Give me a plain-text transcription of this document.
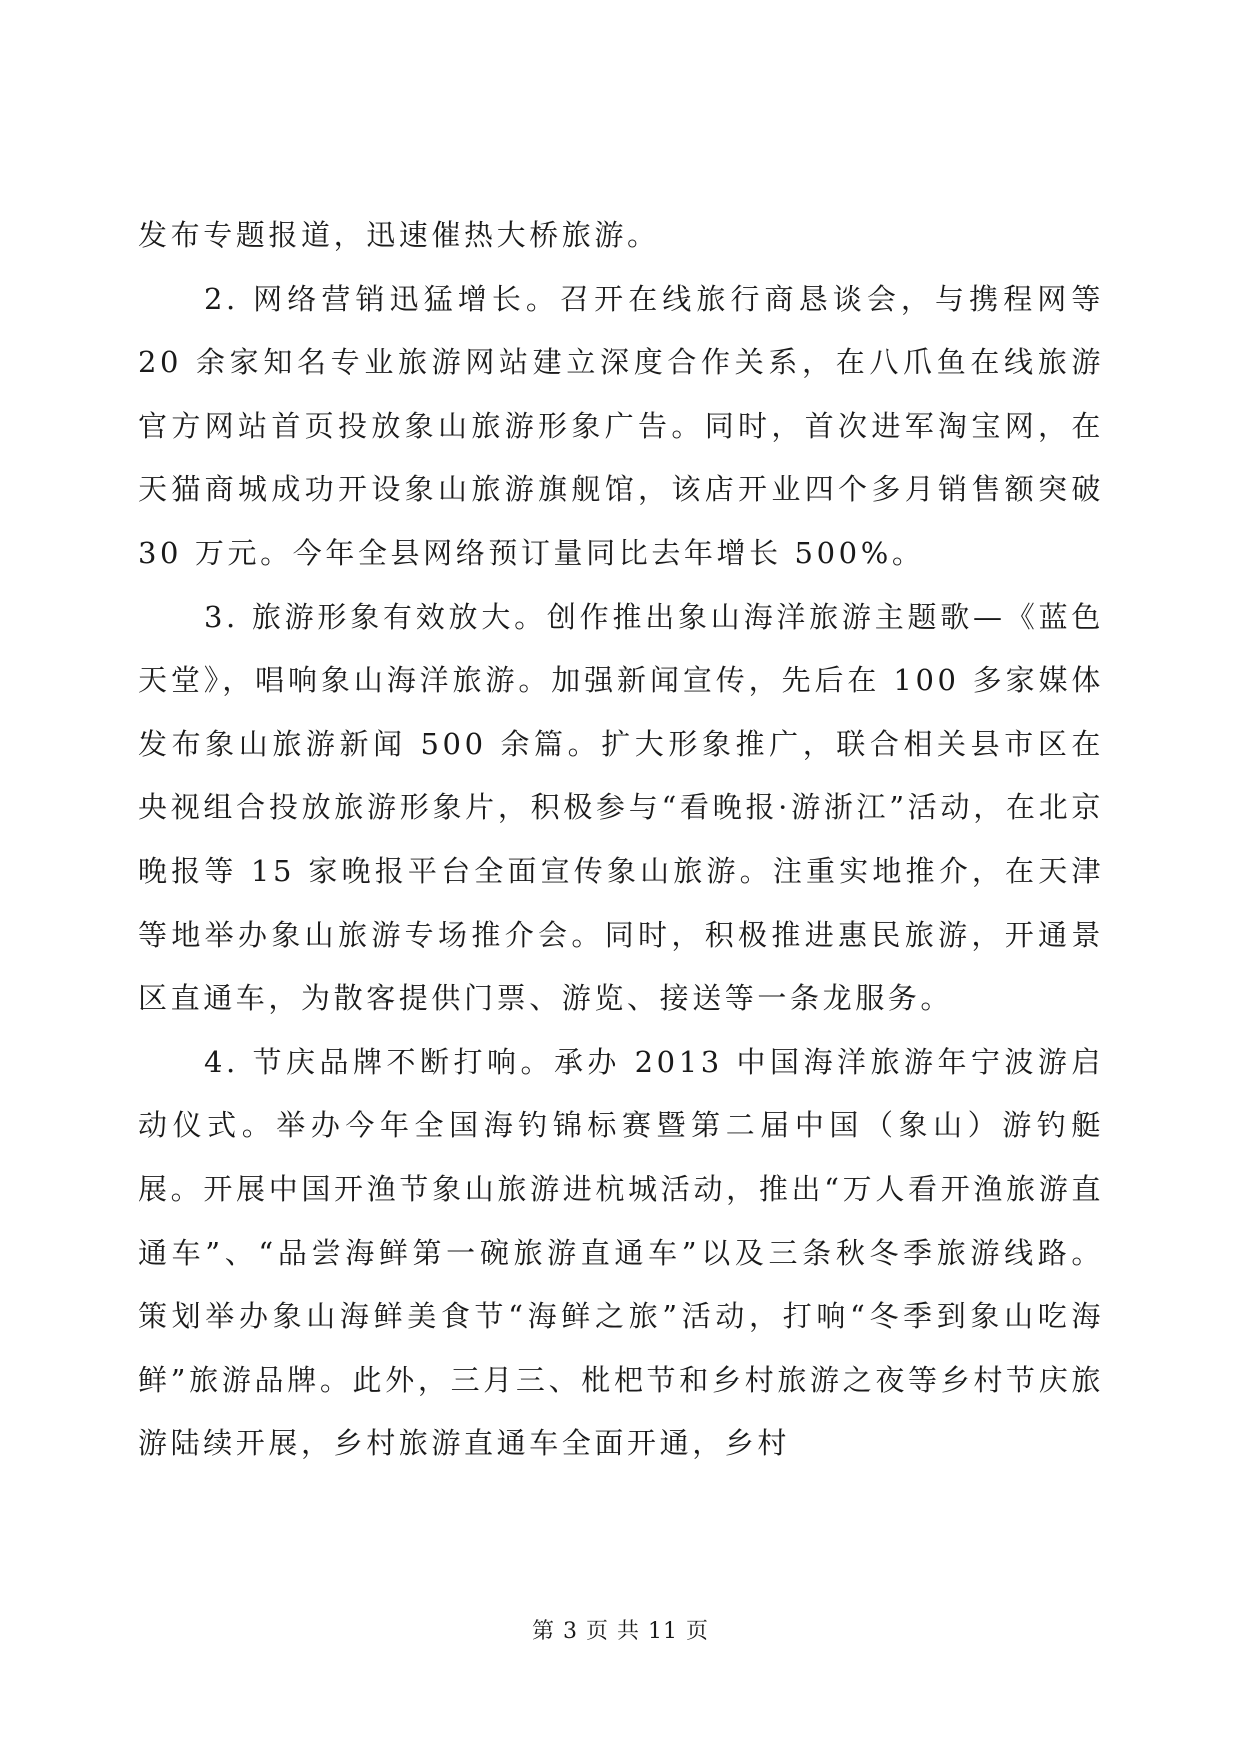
发布专题报道，迅速催热大桥旅游。

2. 网络营销迅猛增长。召开在线旅行商恳谈会，与携程网等 20 余家知名专业旅游网站建立深度合作关系，在八爪鱼在线旅游官方网站首页投放象山旅游形象广告。同时，首次进军淘宝网，在天猫商城成功开设象山旅游旗舰馆，该店开业四个多月销售额突破 30 万元。今年全县网络预订量同比去年增长 500%。

3. 旅游形象有效放大。创作推出象山海洋旅游主题歌—《蓝色天堂》，唱响象山海洋旅游。加强新闻宣传，先后在 100 多家媒体发布象山旅游新闻 500 余篇。扩大形象推广，联合相关县市区在央视组合投放旅游形象片，积极参与“看晚报·游浙江”活动，在北京晚报等 15 家晚报平台全面宣传象山旅游。注重实地推介，在天津等地举办象山旅游专场推介会。同时，积极推进惠民旅游，开通景区直通车，为散客提供门票、游览、接送等一条龙服务。

4. 节庆品牌不断打响。承办 2013 中国海洋旅游年宁波游启动仪式。举办今年全国海钓锦标赛暨第二届中国（象山）游钓艇展。开展中国开渔节象山旅游进杭城活动，推出“万人看开渔旅游直通车”、“品尝海鲜第一碗旅游直通车”以及三条秋冬季旅游线路。策划举办象山海鲜美食节“海鲜之旅”活动，打响“冬季到象山吃海鲜”旅游品牌。此外，三月三、枇杷节和乡村旅游之夜等乡村节庆旅游陆续开展，乡村旅游直通车全面开通，乡村

第 3 页 共 11 页
